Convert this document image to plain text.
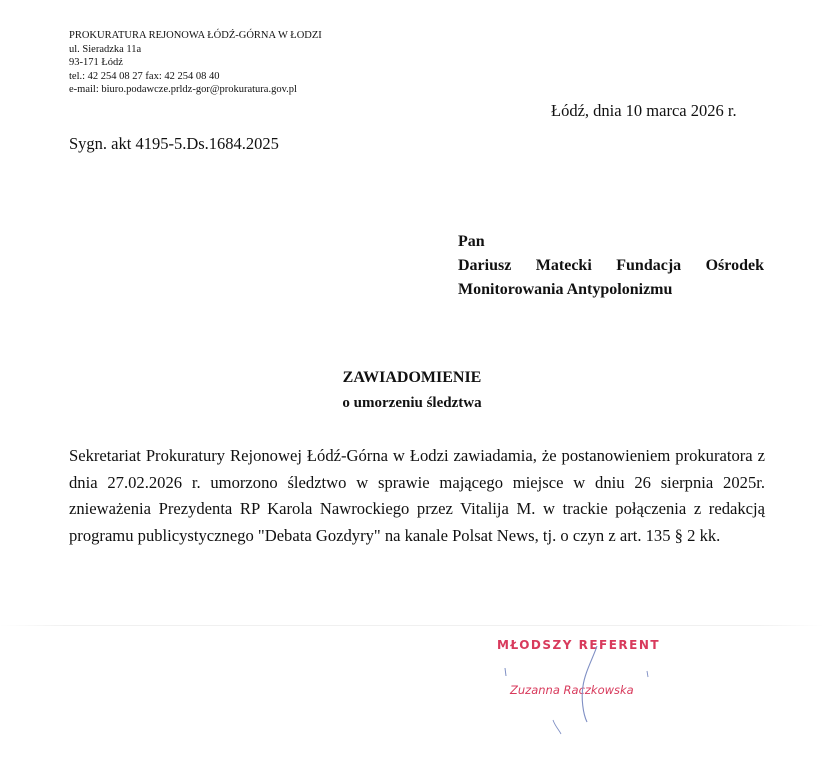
PROKURATURA REJONOWA ŁÓDŹ-GÓRNA W ŁODZI
ul. Sieradzka 11a
93-171 Łódź
tel.: 42 254 08 27 fax: 42 254 08 40
e-mail: biuro.podawcze.prldz-gor@prokuratura.gov.pl
Łódź, dnia 10 marca 2026 r.
Sygn. akt 4195-5.Ds.1684.2025
Pan
Dariusz Matecki Fundacja Ośrodek
Monitorowania Antypolonizmu
ZAWIADOMIENIE
o umorzeniu śledztwa
Sekretariat Prokuratury Rejonowej Łódź-Górna w Łodzi zawiadamia, że postanowieniem prokuratora z dnia 27.02.2026 r. umorzono śledztwo w sprawie mającego miejsce w dniu 26 sierpnia 2025r. znieważenia Prezydenta RP Karola Nawrockiego przez Vitalija M. w trackie połączenia z redakcją programu publicystycznego "Debata Gozdyry" na kanale Polsat News, tj. o czyn z art. 135 § 2 kk.
MŁODSZY REFERENT
Zuzanna Raczkowska
